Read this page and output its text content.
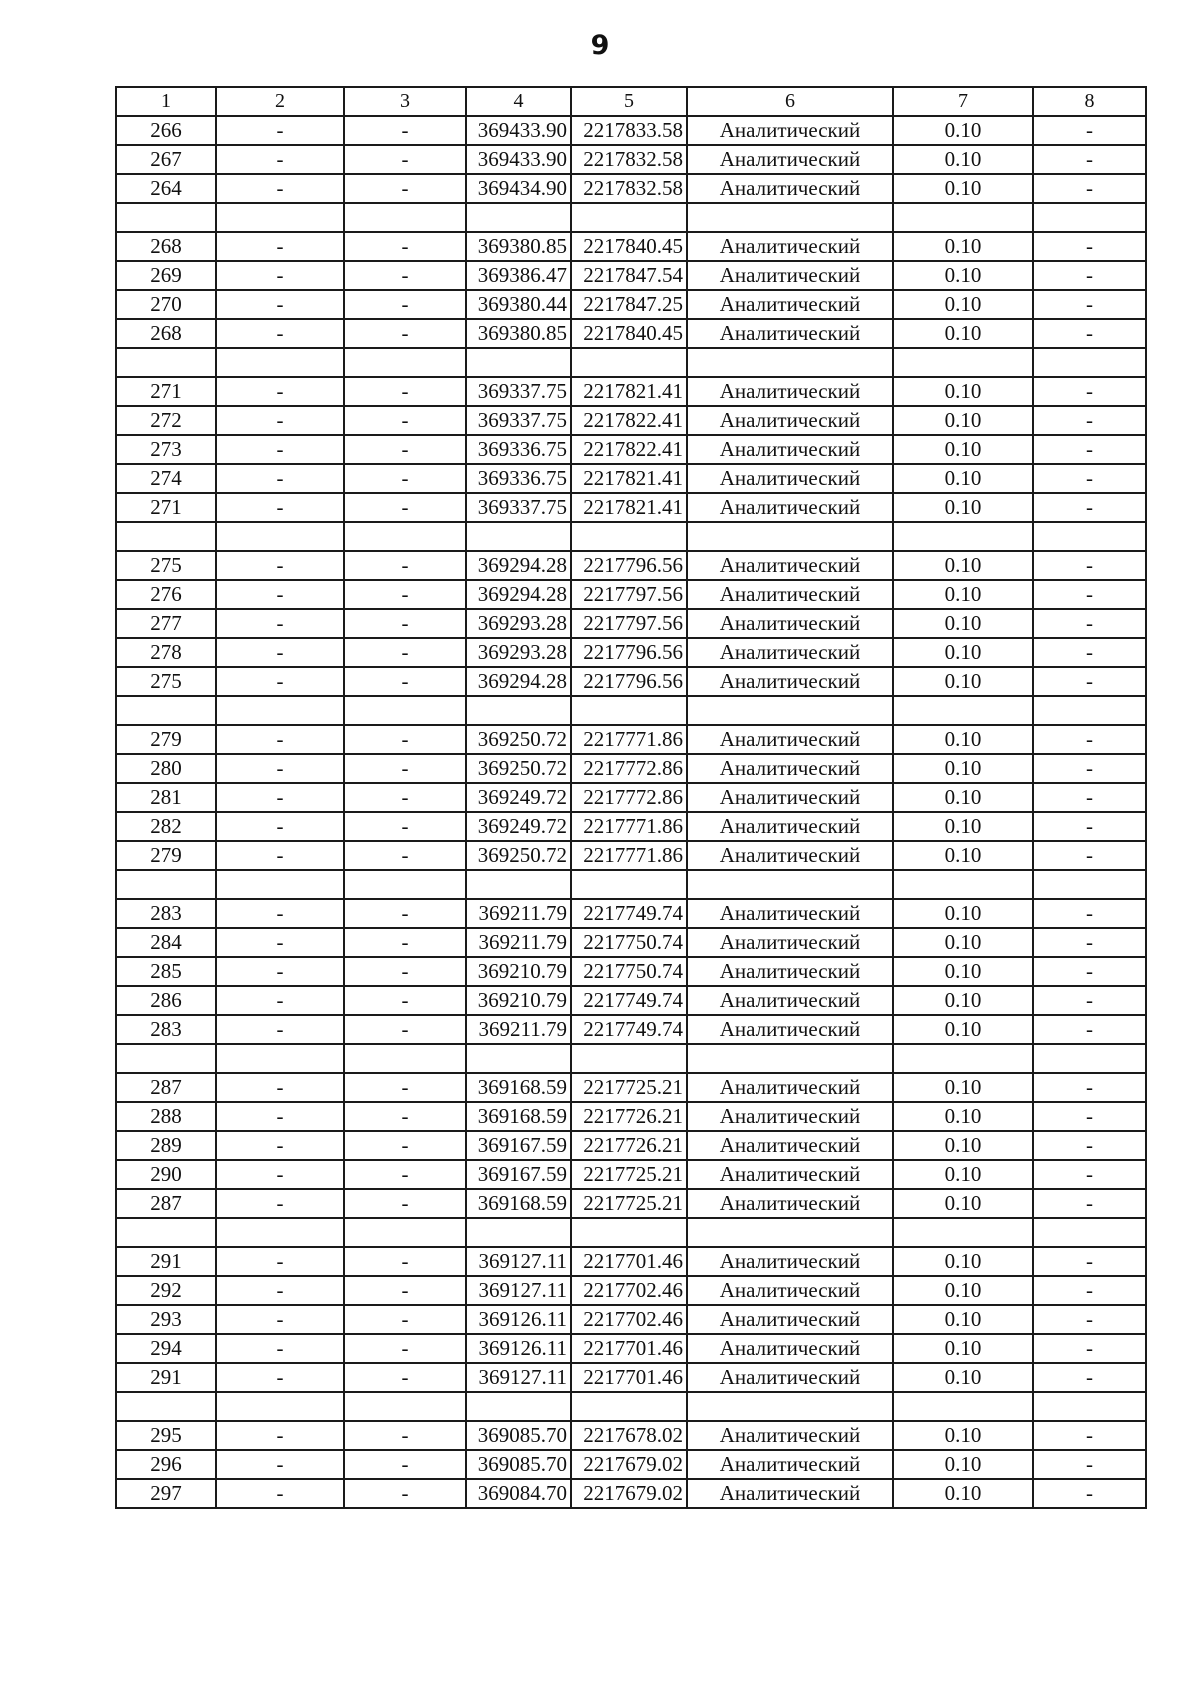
9
1	2	3	4	5	6	7	8
266	-	-	369433.90	2217833.58	Аналитический	0.10	-
267	-	-	369433.90	2217832.58	Аналитический	0.10	-
264	-	-	369434.90	2217832.58	Аналитический	0.10	-

268	-	-	369380.85	2217840.45	Аналитический	0.10	-
269	-	-	369386.47	2217847.54	Аналитический	0.10	-
270	-	-	369380.44	2217847.25	Аналитический	0.10	-
268	-	-	369380.85	2217840.45	Аналитический	0.10	-

271	-	-	369337.75	2217821.41	Аналитический	0.10	-
272	-	-	369337.75	2217822.41	Аналитический	0.10	-
273	-	-	369336.75	2217822.41	Аналитический	0.10	-
274	-	-	369336.75	2217821.41	Аналитический	0.10	-
271	-	-	369337.75	2217821.41	Аналитический	0.10	-

275	-	-	369294.28	2217796.56	Аналитический	0.10	-
276	-	-	369294.28	2217797.56	Аналитический	0.10	-
277	-	-	369293.28	2217797.56	Аналитический	0.10	-
278	-	-	369293.28	2217796.56	Аналитический	0.10	-
275	-	-	369294.28	2217796.56	Аналитический	0.10	-

279	-	-	369250.72	2217771.86	Аналитический	0.10	-
280	-	-	369250.72	2217772.86	Аналитический	0.10	-
281	-	-	369249.72	2217772.86	Аналитический	0.10	-
282	-	-	369249.72	2217771.86	Аналитический	0.10	-
279	-	-	369250.72	2217771.86	Аналитический	0.10	-

283	-	-	369211.79	2217749.74	Аналитический	0.10	-
284	-	-	369211.79	2217750.74	Аналитический	0.10	-
285	-	-	369210.79	2217750.74	Аналитический	0.10	-
286	-	-	369210.79	2217749.74	Аналитический	0.10	-
283	-	-	369211.79	2217749.74	Аналитический	0.10	-

287	-	-	369168.59	2217725.21	Аналитический	0.10	-
288	-	-	369168.59	2217726.21	Аналитический	0.10	-
289	-	-	369167.59	2217726.21	Аналитический	0.10	-
290	-	-	369167.59	2217725.21	Аналитический	0.10	-
287	-	-	369168.59	2217725.21	Аналитический	0.10	-

291	-	-	369127.11	2217701.46	Аналитический	0.10	-
292	-	-	369127.11	2217702.46	Аналитический	0.10	-
293	-	-	369126.11	2217702.46	Аналитический	0.10	-
294	-	-	369126.11	2217701.46	Аналитический	0.10	-
291	-	-	369127.11	2217701.46	Аналитический	0.10	-

295	-	-	369085.70	2217678.02	Аналитический	0.10	-
296	-	-	369085.70	2217679.02	Аналитический	0.10	-
297	-	-	369084.70	2217679.02	Аналитический	0.10	-
